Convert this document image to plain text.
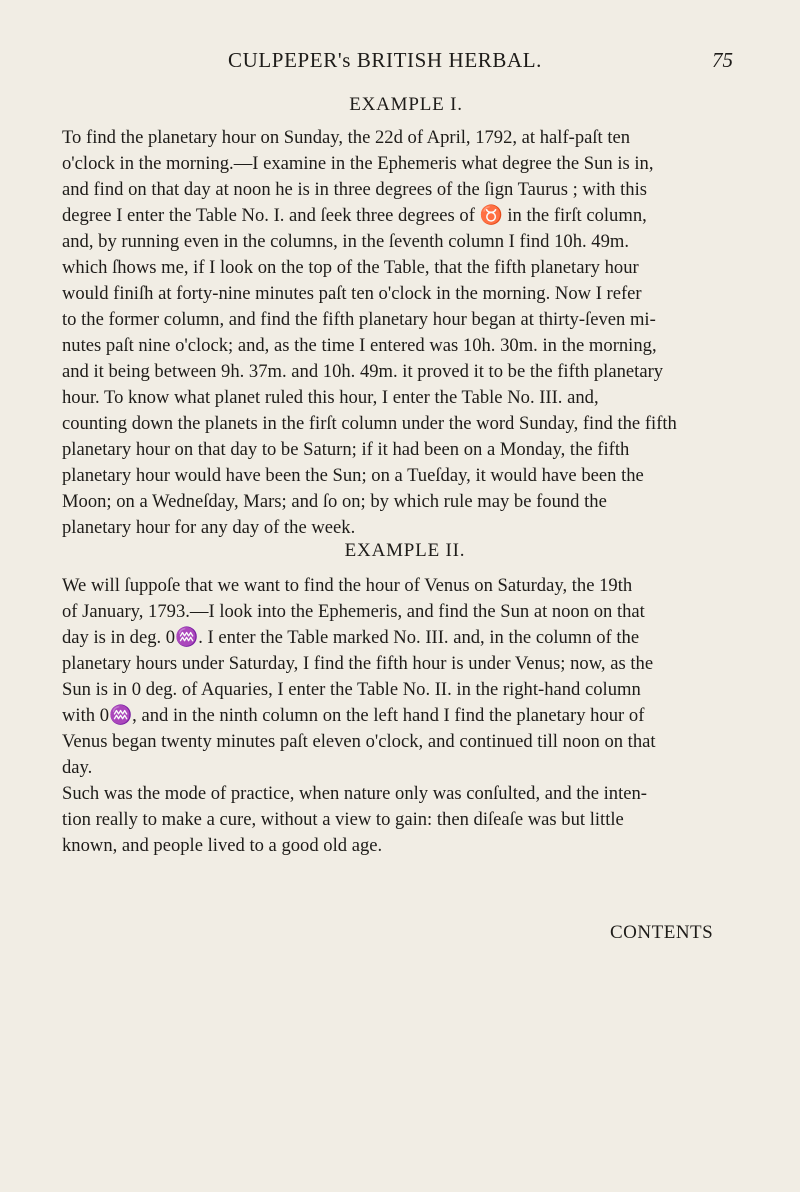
CULPEPER's BRITISH HERBAL.	75
EXAMPLE I.
To find the planetary hour on Sunday, the 22d of April, 1792, at half-paſt ten
o'clock in the morning.—I examine in the Ephemeris what degree the Sun is in,
and find on that day at noon he is in three degrees of the ſign Taurus ; with this
degree I enter the Table No. I. and ſeek three degrees of ♉ in the firſt column,
and, by running even in the columns, in the ſeventh column I find 10h. 49m.
which ſhows me, if I look on the top of the Table, that the fifth planetary hour
would finiſh at forty-nine minutes paſt ten o'clock in the morning. Now I refer
to the former column, and find the fifth planetary hour began at thirty-ſeven mi-
nutes paſt nine o'clock; and, as the time I entered was 10h. 30m. in the morning,
and it being between 9h. 37m. and 10h. 49m. it proved it to be the fifth planetary
hour. To know what planet ruled this hour, I enter the Table No. III. and,
counting down the planets in the firſt column under the word Sunday, find the fifth
planetary hour on that day to be Saturn; if it had been on a Monday, the fifth
planetary hour would have been the Sun; on a Tueſday, it would have been the
Moon; on a Wedneſday, Mars; and ſo on; by which rule may be found the
planetary hour for any day of the week.
EXAMPLE II.
We will ſuppoſe that we want to find the hour of Venus on Saturday, the 19th
of January, 1793.—I look into the Ephemeris, and find the Sun at noon on that
day is in deg. 0♒. I enter the Table marked No. III. and, in the column of the
planetary hours under Saturday, I find the fifth hour is under Venus; now, as the
Sun is in 0 deg. of Aquaries, I enter the Table No. II. in the right-hand column
with 0♒, and in the ninth column on the left hand I find the planetary hour of
Venus began twenty minutes paſt eleven o'clock, and continued till noon on that
day.
Such was the mode of practice, when nature only was conſulted, and the inten-
tion really to make a cure, without a view to gain: then diſeaſe was but little
known, and people lived to a good old age.
CONTENTS
